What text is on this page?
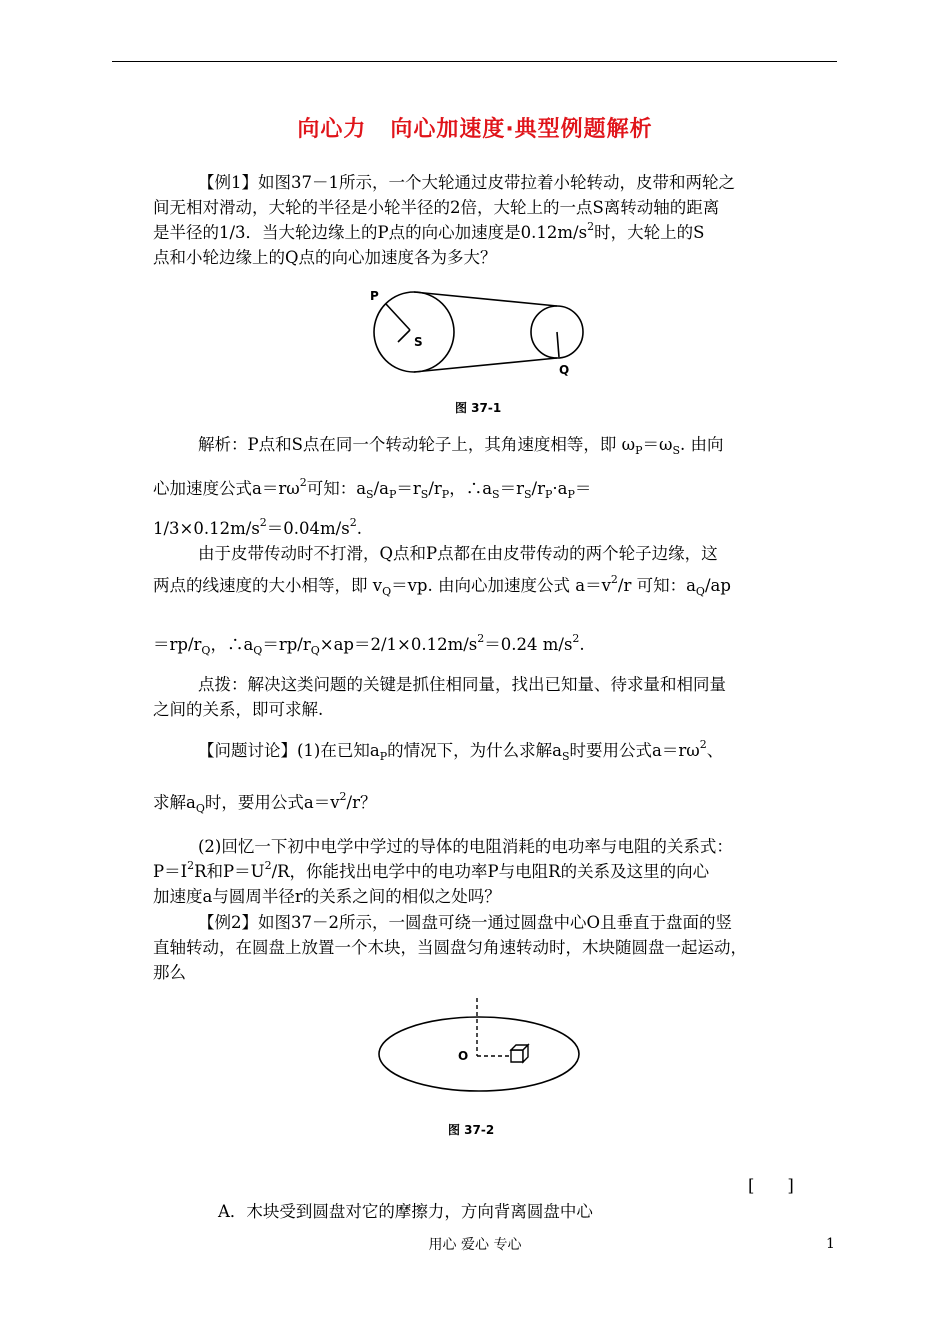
向心力 向心加速度·典型例题解析
【例1】如图37－1所示，一个大轮通过皮带拉着小轮转动，皮带和两轮之
间无相对滑动，大轮的半径是小轮半径的2倍，大轮上的一点S离转动轴的距离
是半径的1/3．当大轮边缘上的P点的向心加速度是$0.12m/s^2$时，大轮上的S
点和小轮边缘上的Q点的向心加速度各为多大？
P
S
Q
图 37-1
解析：P点和S点在同一个转动轮子上，其角速度相等，即 $\omega_P=\omega_S$. 由向
心加速度公式$a=r\omega^2$可知：$a_S/a_P=r_S/r_P$，$\therefore a_S=r_S/r_P\cdot a_P=$
$1/3\times 0.12m/s^2=0.04m/s^2$.
由于皮带传动时不打滑，Q点和P点都在由皮带传动的两个轮子边缘，这
两点的线速度的大小相等，即 $v_Q=vp$. 由向心加速度公式 $a=v^2/r$ 可知：$a_Q/ap$
$=rp/r_Q$，$\therefore a_Q=rp/r_Q\times ap=2/1\times 0.12m/s^2=0.24$ $m/s^2$.
点拨：解决这类问题的关键是抓住相同量，找出已知量、待求量和相同量
之间的关系，即可求解.
【问题讨论】(1)在已知$a_P$的情况下，为什么求解$a_S$时要用公式$a=r\omega^2$、
求解$a_Q$时，要用公式$a=v^2/r$？
(2)回忆一下初中电学中学过的导体的电阻消耗的电功率与电阻的关系式：
$P=I^2R$和$P=U^2/R$，你能找出电学中的电功率P与电阻R的关系及这里的向心
加速度a与圆周半径r的关系之间的相似之处吗？
【例2】如图37－2所示，一圆盘可绕一通过圆盘中心O且垂直于盘面的竖
直轴转动，在圆盘上放置一个木块，当圆盘匀角速转动时，木块随圆盘一起运动，
那么
O
图 37-2
[　　]
A．木块受到圆盘对它的摩擦力，方向背离圆盘中心
用心 爱心 专心	1
